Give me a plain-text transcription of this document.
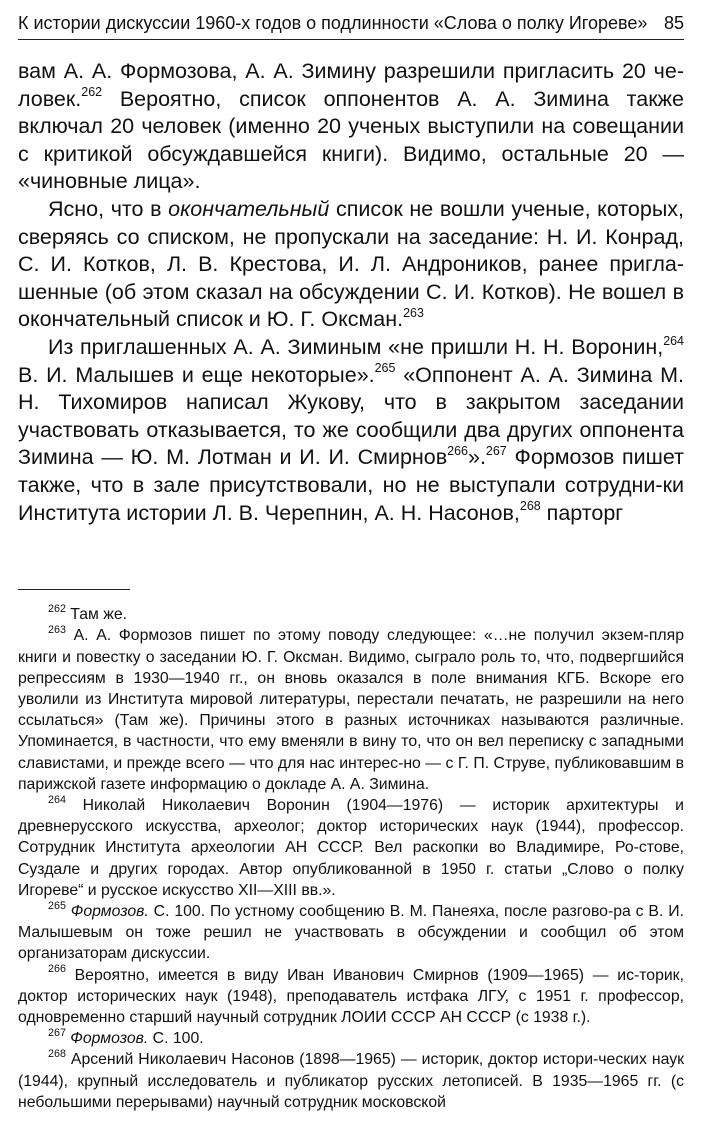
К истории дискуссии 1960-х годов о подлинности «Слова о полку Игореве» 85

вам А. А. Формозова, А. А. Зимину разрешили пригласить 20 че-ловек.$^{262}$ Вероятно, список оппонентов А. А. Зимина также включал 20 человек (именно 20 ученых выступили на совещании с критикой обсуждавшейся книги). Видимо, остальные 20 — «чиновные лица».

Ясно, что в окончательный список не вошли ученые, которых, сверяясь со списком, не пропускали на заседание: Н. И. Конрад, С. И. Котков, Л. В. Крестова, И. Л. Андроников, ранее пригла-шенные (об этом сказал на обсуждении С. И. Котков). Не вошел в окончательный список и Ю. Г. Оксман.$^{263}$

Из приглашенных А. А. Зиминым «не пришли Н. Н. Воронин,$^{264}$ В. И. Малышев и еще некоторые».$^{265}$ «Оппонент А. А. Зимина М. Н. Тихомиров написал Жукову, что в закрытом заседании участвовать отказывается, то же сообщили два других оппонента Зимина — Ю. М. Лотман и И. И. Смирнов$^{266}$».$^{267}$ Формозов пишет также, что в зале присутствовали, но не выступали сотрудни-ки Института истории Л. В. Черепнин, А. Н. Насонов,$^{268}$ парторг

$^{262}$ Там же.

$^{263}$ А. А. Формозов пишет по этому поводу следующее: «…не получил экзем-пляр книги и повестку о заседании Ю. Г. Оксман. Видимо, сыграло роль то, что, подвергшийся репрессиям в 1930—1940 гг., он вновь оказался в поле внимания КГБ. Вскоре его уволили из Института мировой литературы, перестали печатать, не разрешили на него ссылаться» (Там же). Причины этого в разных источниках называются различные. Упоминается, в частности, что ему вменяли в вину то, что он вел переписку с западными славистами, и прежде всего — что для нас интерес-но — с Г. П. Струве, публиковавшим в парижской газете информацию о докладе А. А. Зимина.

$^{264}$ Николай Николаевич Воронин (1904—1976) — историк архитектуры и древнерусского искусства, археолог; доктор исторических наук (1944), профессор. Сотрудник Института археологии АН СССР. Вел раскопки во Владимире, Ро-стове, Суздале и других городах. Автор опубликованной в 1950 г. статьи „Слово о полку Игореве“ и русское искусство XII—XIII вв.».

$^{265}$ Формозов. С. 100. По устному сообщению В. М. Панеяха, после разгово-ра с В. И. Малышевым он тоже решил не участвовать в обсуждении и сообщил об этом организаторам дискуссии.

$^{266}$ Вероятно, имеется в виду Иван Иванович Смирнов (1909—1965) — ис-торик, доктор исторических наук (1948), преподаватель истфака ЛГУ, с 1951 г. профессор, одновременно старший научный сотрудник ЛОИИ СССР АН СССР (с 1938 г.).

$^{267}$ Формозов. С. 100.

$^{268}$ Арсений Николаевич Насонов (1898—1965) — историк, доктор истори-ческих наук (1944), крупный исследователь и публикатор русских летописей. В 1935—1965 гг. (с небольшими перерывами) научный сотрудник московской
